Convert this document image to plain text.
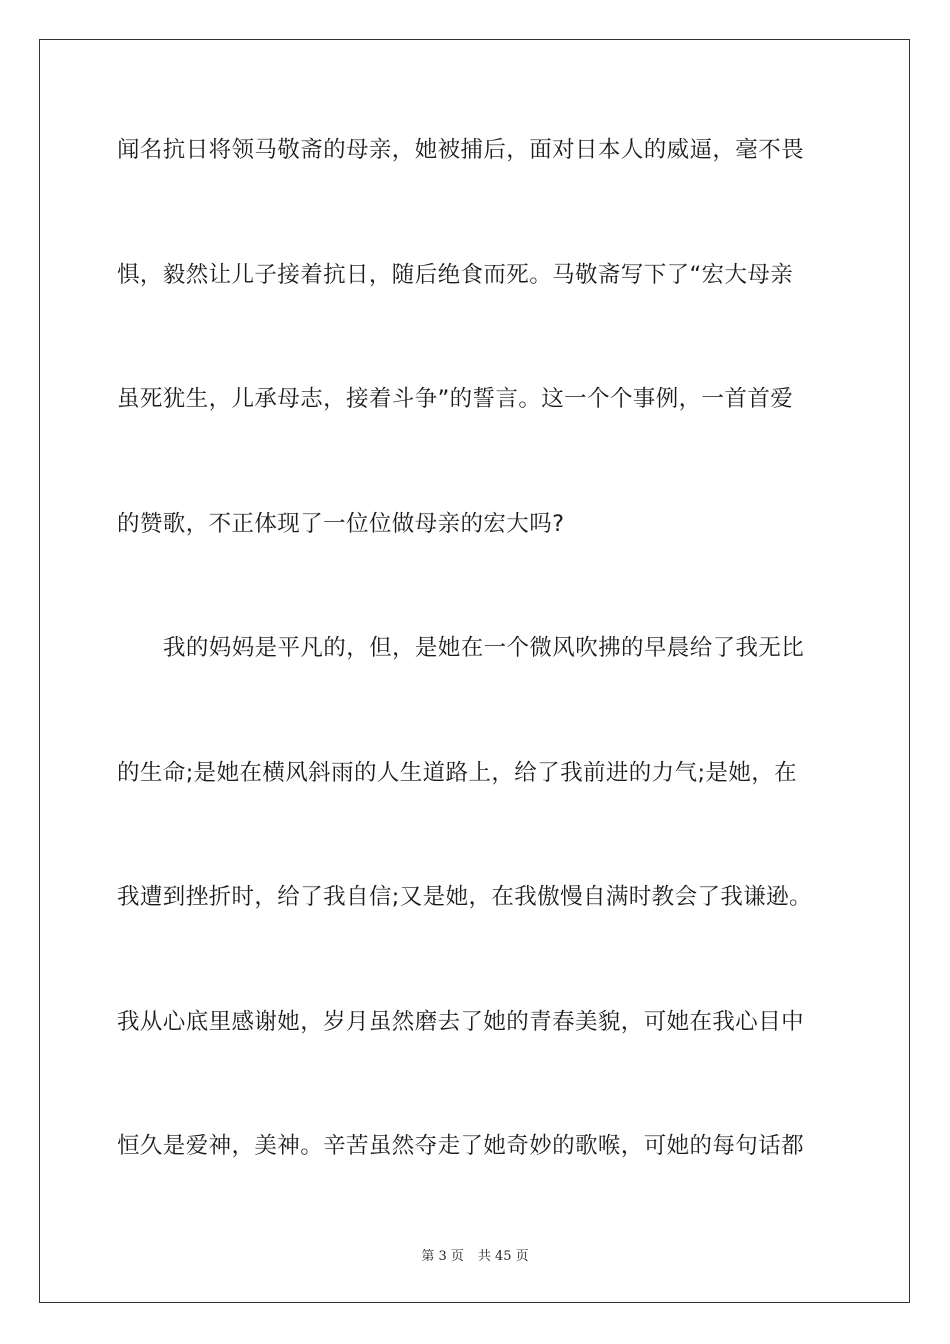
闻名抗日将领马敬斋的母亲，她被捕后，面对日本人的威逼，毫不畏
惧，毅然让儿子接着抗日，随后绝食而死。马敬斋写下了“宏大母亲
虽死犹生，儿承母志，接着斗争”的誓言。这一个个事例，一首首爱
的赞歌，不正体现了一位位做母亲的宏大吗?
我的妈妈是平凡的，但，是她在一个微风吹拂的早晨给了我无比
的生命;是她在横风斜雨的人生道路上，给了我前进的力气;是她，在
我遭到挫折时，给了我自信;又是她，在我傲慢自满时教会了我谦逊。
我从心底里感谢她，岁月虽然磨去了她的青春美貌，可她在我心目中
恒久是爱神，美神。辛苦虽然夺走了她奇妙的歌喉，可她的每句话都
第 3 页 共 45 页
